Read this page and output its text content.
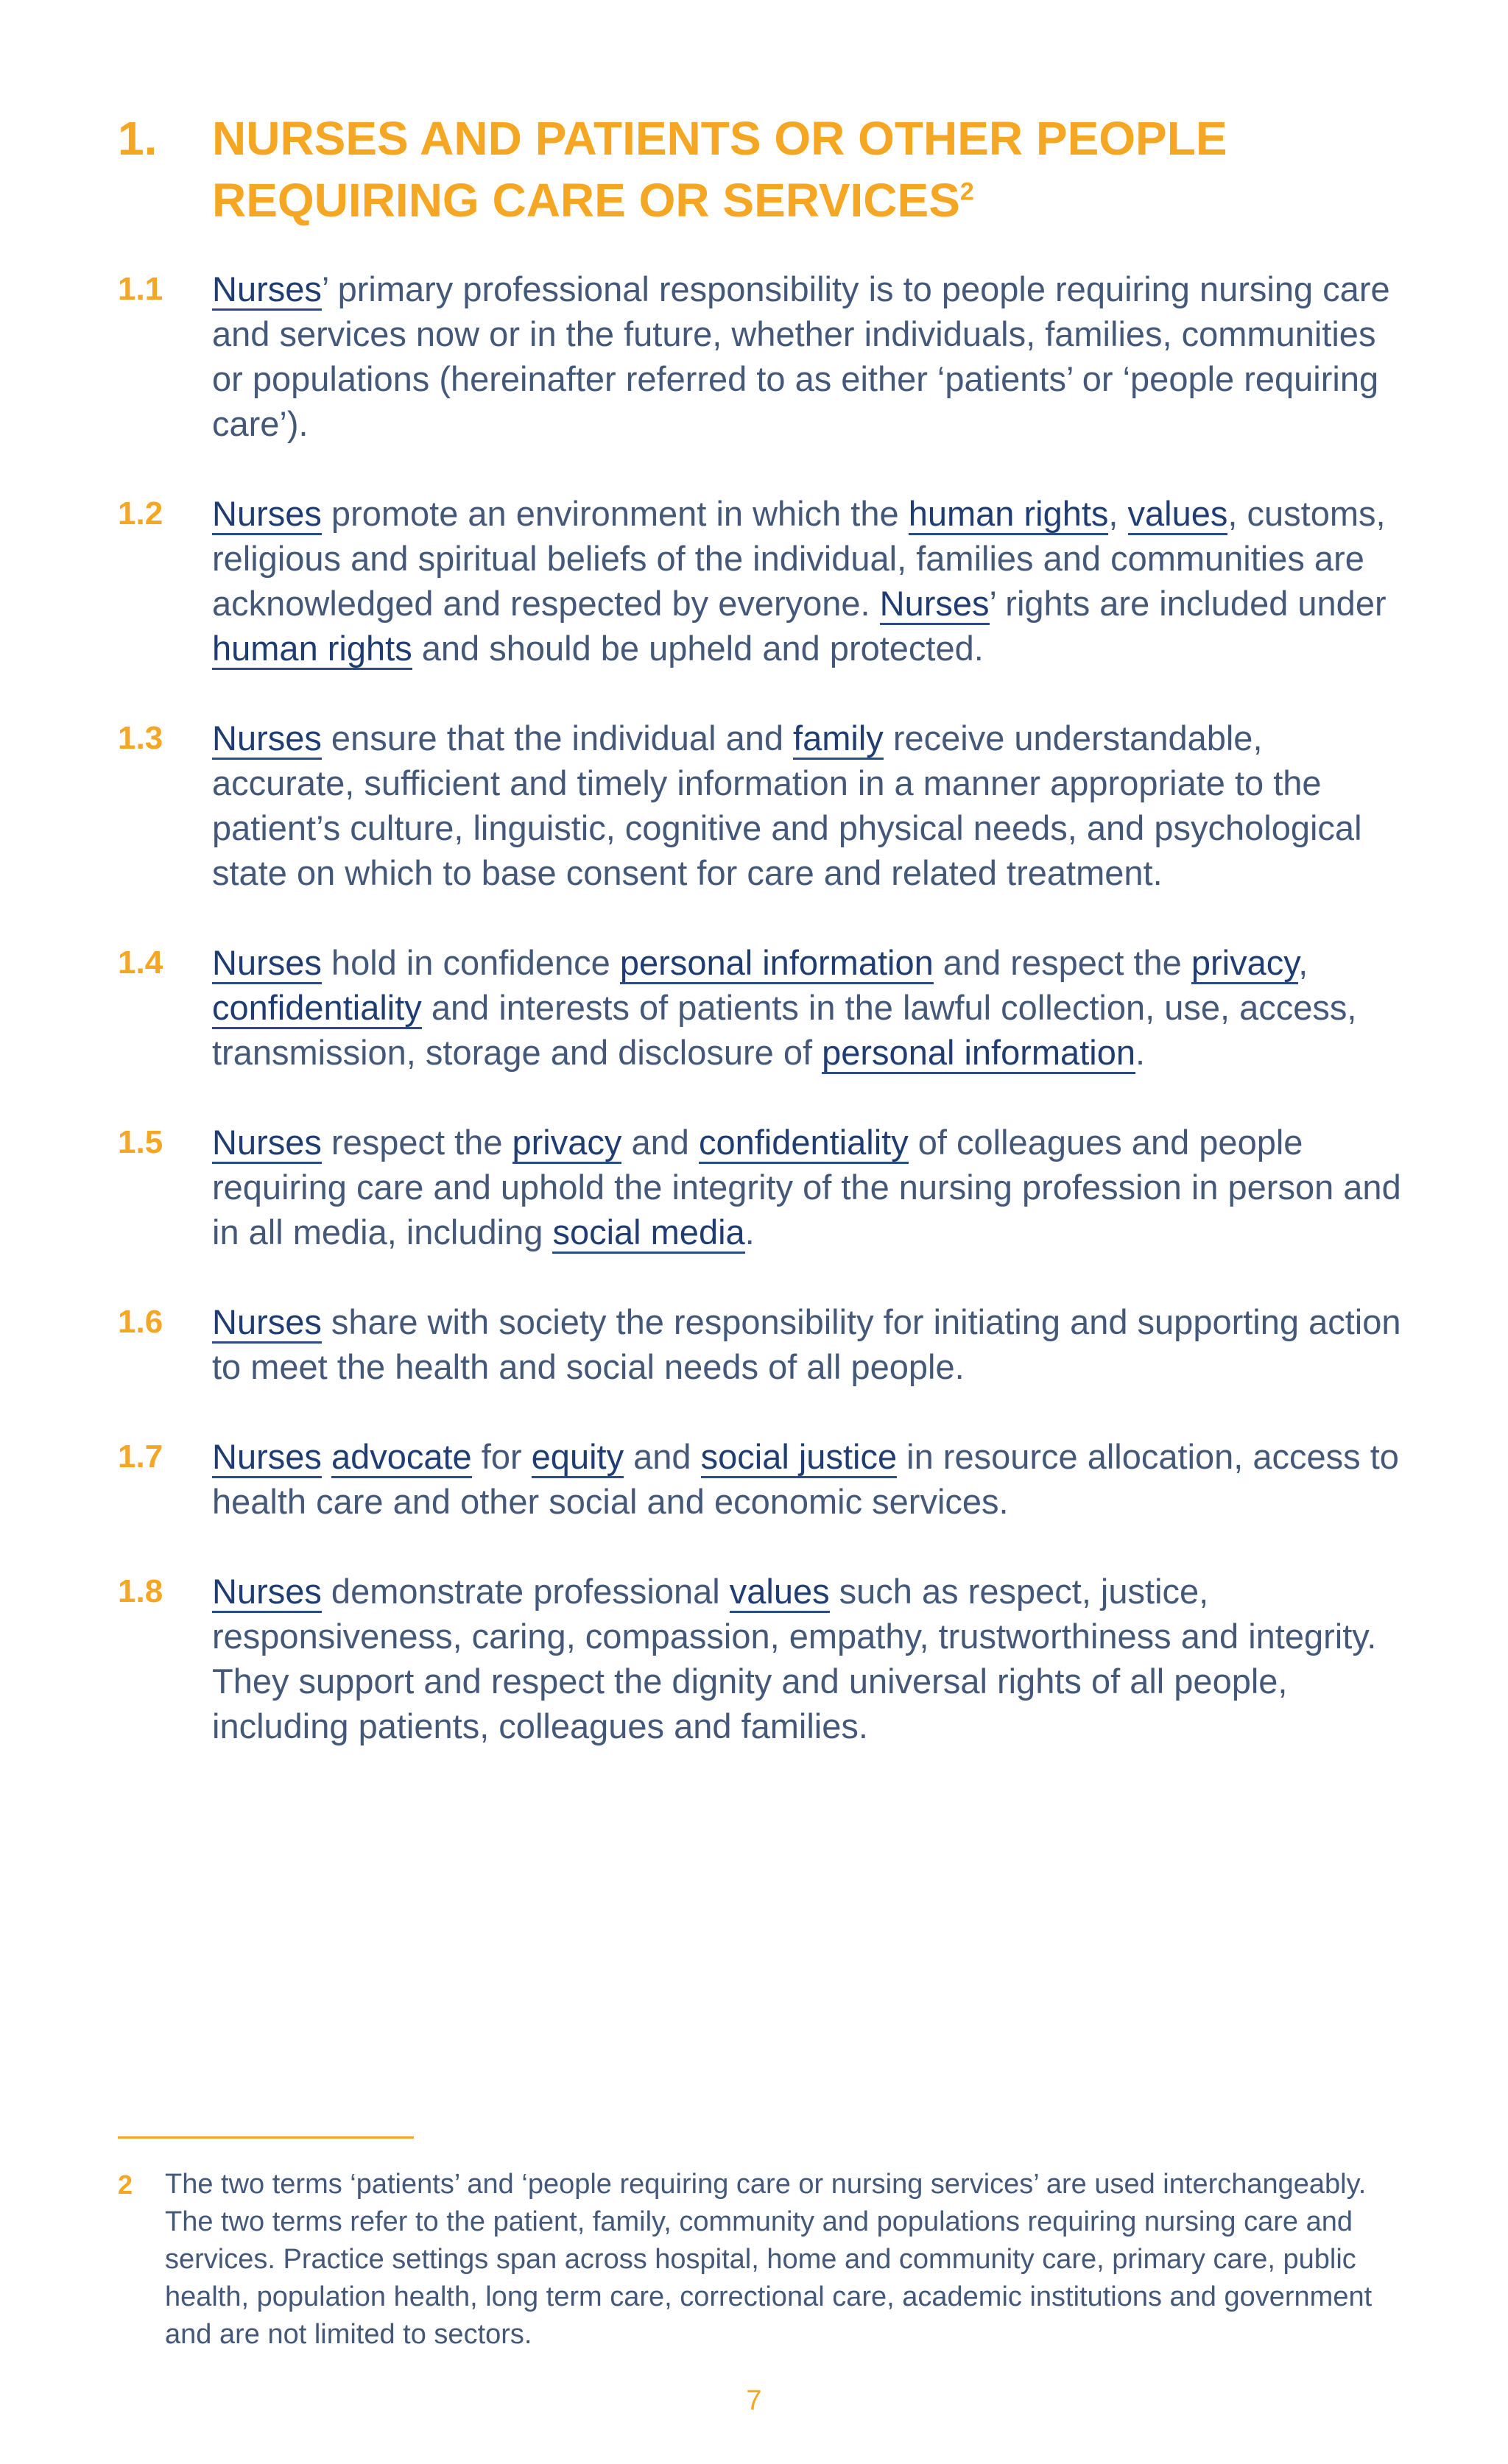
1.	NURSES AND PATIENTS OR OTHER PEOPLE
REQUIRING CARE OR SERVICES$^2$
1.1	Nurses’ primary professional responsibility is to people requiring nursing care and services now or in the future, whether individuals, families, communities or populations (hereinafter referred to as either ‘patients’ or ‘people requiring care’).
1.2	Nurses promote an environment in which the human rights, values, customs, religious and spiritual beliefs of the individual, families and communities are acknowledged and respected by everyone. Nurses’ rights are included under human rights and should be upheld and protected.
1.3	Nurses ensure that the individual and family receive understandable, accurate, sufficient and timely information in a manner appropriate to the patient’s culture, linguistic, cognitive and physical needs, and psychological state on which to base consent for care and related treatment.
1.4	Nurses hold in confidence personal information and respect the privacy, confidentiality and interests of patients in the lawful collection, use, access, transmission, storage and disclosure of personal information.
1.5	Nurses respect the privacy and confidentiality of colleagues and people requiring care and uphold the integrity of the nursing profession in person and in all media, including social media.
1.6	Nurses share with society the responsibility for initiating and supporting action to meet the health and social needs of all people.
1.7	Nurses advocate for equity and social justice in resource allocation, access to health care and other social and economic services.
1.8	Nurses demonstrate professional values such as respect, justice, responsiveness, caring, compassion, empathy, trustworthiness and integrity. They support and respect the dignity and universal rights of all people, including patients, colleagues and families.
2	The two terms ‘patients’ and ‘people requiring care or nursing services’ are used interchangeably. The two terms refer to the patient, family, community and populations requiring nursing care and services. Practice settings span across hospital, home and community care, primary care, public health, population health, long term care, correctional care, academic institutions and government and are not limited to sectors.
7
